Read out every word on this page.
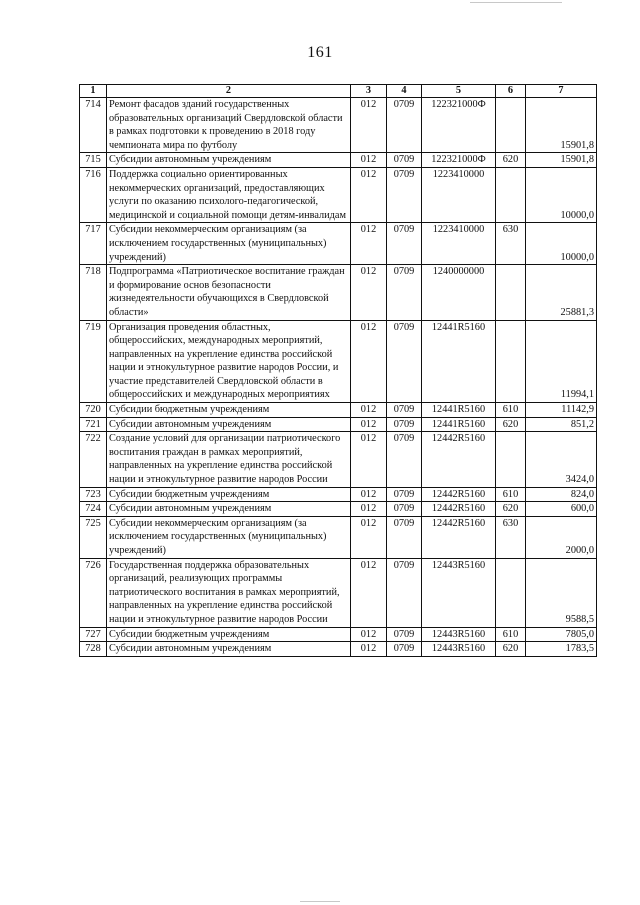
161
1	2	3	4	5	6	7
714	Ремонт фасадов зданий государственных образовательных организаций Свердловской области в рамках подготовки к проведению в 2018 году чемпионата мира по футболу	012	0709	122321000Ф		15901,8
715	Субсидии автономным учреждениям	012	0709	122321000Ф	620	15901,8
716	Поддержка социально ориентированных некоммерческих организаций, предоставляющих услуги по оказанию психолого-педагогической, медицинской и социальной помощи детям-инвалидам	012	0709	1223410000		10000,0
717	Субсидии некоммерческим организациям (за исключением государственных (муниципальных) учреждений)	012	0709	1223410000	630	10000,0
718	Подпрограмма «Патриотическое воспитание граждан и формирование основ безопасности жизнедеятельности обучающихся в Свердловской области»	012	0709	1240000000		25881,3
719	Организация проведения областных, общероссийских, международных мероприятий, направленных на укрепление единства российской нации и этнокультурное развитие народов России, и участие представителей Свердловской области в общероссийских и международных мероприятиях	012	0709	12441R5160		11994,1
720	Субсидии бюджетным учреждениям	012	0709	12441R5160	610	11142,9
721	Субсидии автономным учреждениям	012	0709	12441R5160	620	851,2
722	Создание условий для организации патриотического воспитания граждан в рамках мероприятий, направленных на укрепление единства российской нации и этнокультурное развитие народов России	012	0709	12442R5160		3424,0
723	Субсидии бюджетным учреждениям	012	0709	12442R5160	610	824,0
724	Субсидии автономным учреждениям	012	0709	12442R5160	620	600,0
725	Субсидии некоммерческим организациям (за исключением государственных (муниципальных) учреждений)	012	0709	12442R5160	630	2000,0
726	Государственная поддержка образовательных организаций, реализующих программы патриотического воспитания в рамках мероприятий, направленных на укрепление единства российской нации и этнокультурное развитие народов России	012	0709	12443R5160		9588,5
727	Субсидии бюджетным учреждениям	012	0709	12443R5160	610	7805,0
728	Субсидии автономным учреждениям	012	0709	12443R5160	620	1783,5
